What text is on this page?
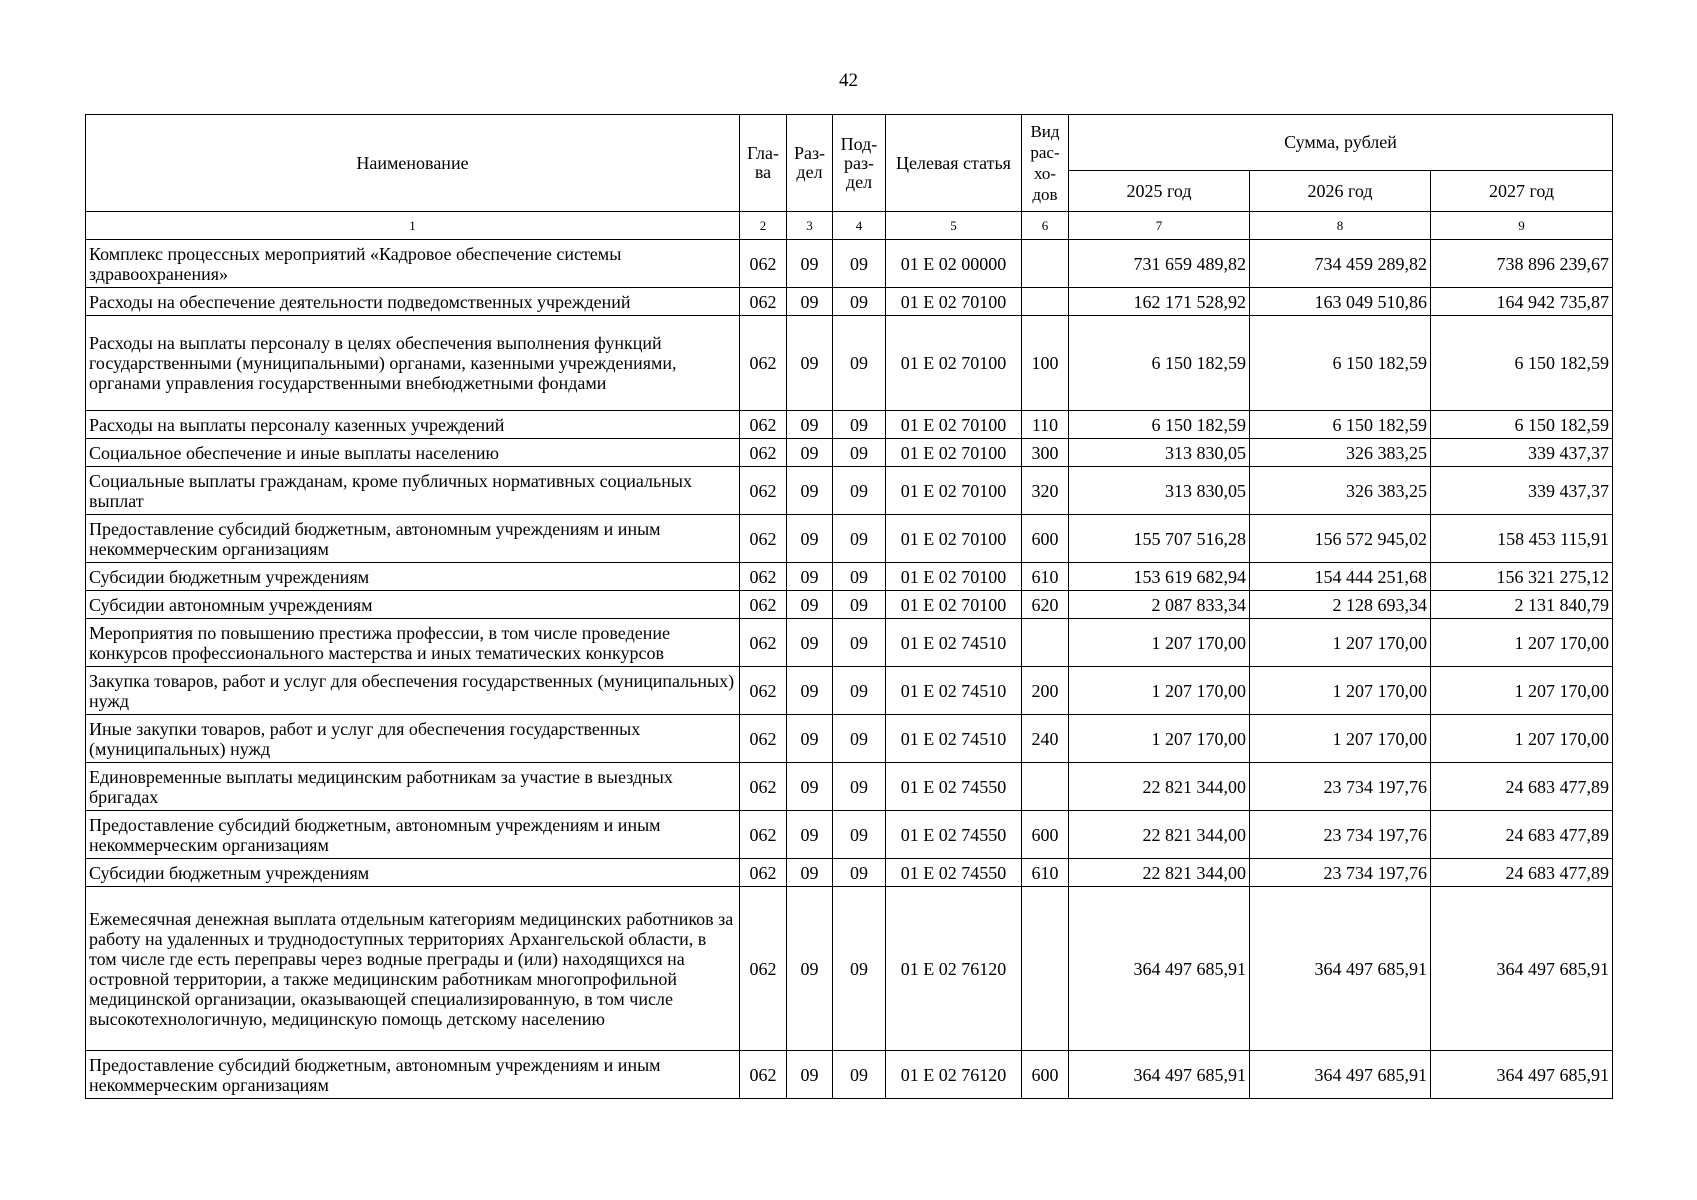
42
Наименование	Гла-ва	Раз-дел	Под-раз-дел	Целевая статья	Вид рас-хо-дов	Сумма, рублей		
						2025 год	2026 год	2027 год
1	2	3	4	5	6	7	8	9
Комплекс процессных мероприятий «Кадровое обеспечение системы здравоохранения»	062	09	09	01 Е 02 00000		731 659 489,82	734 459 289,82	738 896 239,67
Расходы на обеспечение деятельности подведомственных учреждений	062	09	09	01 Е 02 70100		162 171 528,92	163 049 510,86	164 942 735,87
Расходы на выплаты персоналу в целях обеспечения выполнения функций государственными (муниципальными) органами, казенными учреждениями, органами управления государственными внебюджетными фондами	062	09	09	01 Е 02 70100	100	6 150 182,59	6 150 182,59	6 150 182,59
Расходы на выплаты персоналу казенных учреждений	062	09	09	01 Е 02 70100	110	6 150 182,59	6 150 182,59	6 150 182,59
Социальное обеспечение и иные выплаты населению	062	09	09	01 Е 02 70100	300	313 830,05	326 383,25	339 437,37
Социальные выплаты гражданам, кроме публичных нормативных социальных выплат	062	09	09	01 Е 02 70100	320	313 830,05	326 383,25	339 437,37
Предоставление субсидий бюджетным, автономным учреждениям и иным некоммерческим организациям	062	09	09	01 Е 02 70100	600	155 707 516,28	156 572 945,02	158 453 115,91
Субсидии бюджетным учреждениям	062	09	09	01 Е 02 70100	610	153 619 682,94	154 444 251,68	156 321 275,12
Субсидии автономным учреждениям	062	09	09	01 Е 02 70100	620	2 087 833,34	2 128 693,34	2 131 840,79
Мероприятия по повышению престижа профессии, в том числе проведение конкурсов профессионального мастерства и иных тематических конкурсов	062	09	09	01 Е 02 74510		1 207 170,00	1 207 170,00	1 207 170,00
Закупка товаров, работ и услуг для обеспечения государственных (муниципальных) нужд	062	09	09	01 Е 02 74510	200	1 207 170,00	1 207 170,00	1 207 170,00
Иные закупки товаров, работ и услуг для обеспечения государственных (муниципальных) нужд	062	09	09	01 Е 02 74510	240	1 207 170,00	1 207 170,00	1 207 170,00
Единовременные выплаты медицинским работникам за участие в выездных бригадах	062	09	09	01 Е 02 74550		22 821 344,00	23 734 197,76	24 683 477,89
Предоставление субсидий бюджетным, автономным учреждениям и иным некоммерческим организациям	062	09	09	01 Е 02 74550	600	22 821 344,00	23 734 197,76	24 683 477,89
Субсидии бюджетным учреждениям	062	09	09	01 Е 02 74550	610	22 821 344,00	23 734 197,76	24 683 477,89
Ежемесячная денежная выплата отдельным категориям медицинских работников за работу на удаленных и труднодоступных территориях Архангельской области, в том числе где есть переправы через водные преграды и (или) находящихся на островной территории, а также медицинским работникам многопрофильной медицинской организации, оказывающей специализированную, в том числе высокотехнологичную, медицинскую помощь детскому населению	062	09	09	01 Е 02 76120		364 497 685,91	364 497 685,91	364 497 685,91
Предоставление субсидий бюджетным, автономным учреждениям и иным некоммерческим организациям	062	09	09	01 Е 02 76120	600	364 497 685,91	364 497 685,91	364 497 685,91
